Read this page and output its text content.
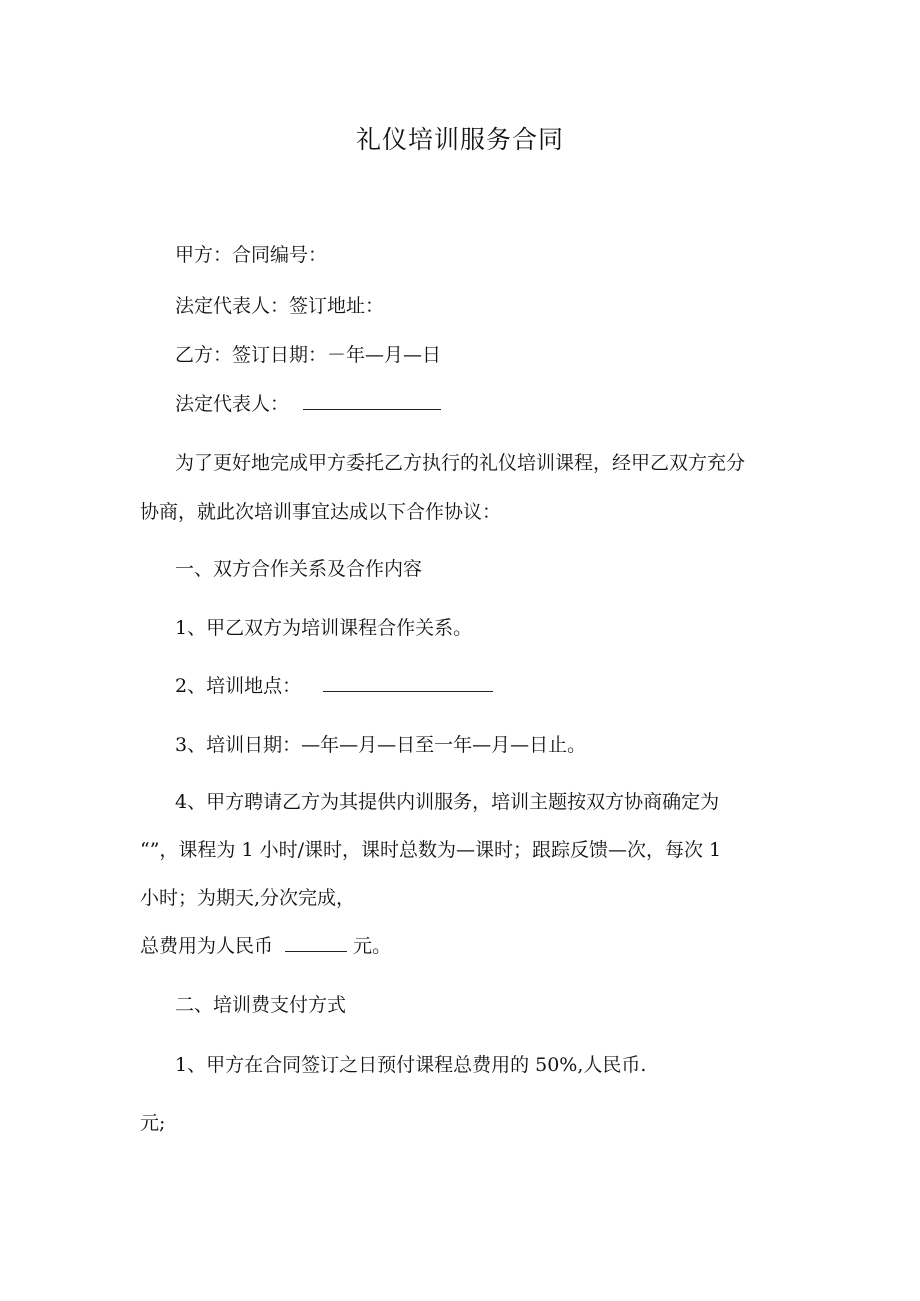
礼仪培训服务合同
甲方：合同编号：
法定代表人：签订地址：
乙方：签订日期：－年—月—日
法定代表人：
为了更好地完成甲方委托乙方执行的礼仪培训课程，经甲乙双方充分
协商，就此次培训事宜达成以下合作协议：
一、双方合作关系及合作内容
1、甲乙双方为培训课程合作关系。
2、培训地点：
3、培训日期：—年—月—日至一年—月—日止。
4、甲方聘请乙方为其提供内训服务，培训主题按双方协商确定为
“”，课程为 1 小时/课时，课时总数为—课时；跟踪反馈—次，每次 1
小时；为期天,分次完成，
总费用为人民币	元。
二、培训费支付方式
1、甲方在合同签订之日预付课程总费用的 50%,人民币.
元;
